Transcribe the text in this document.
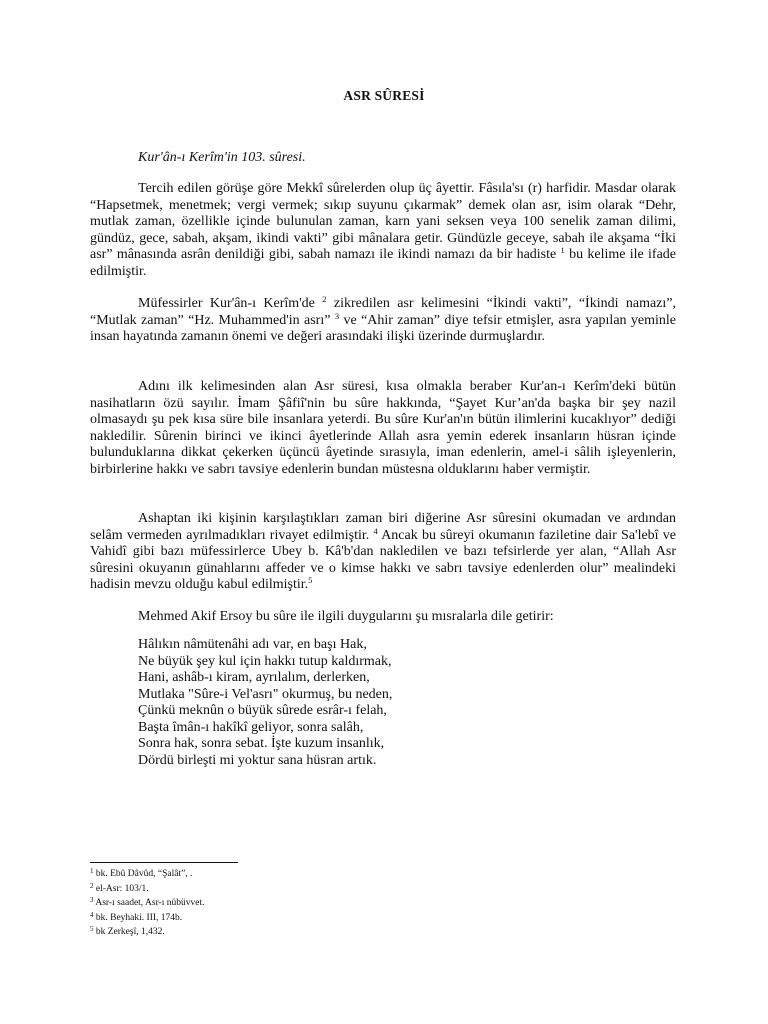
ASR SÛRESİ
Kur'ân-ı Kerîm'in 103. sûresi.

Tercih edilen görüşe göre Mekkî sûrelerden olup üç âyettir. Fâsıla'sı (r) harfidir. Masdar olarak “Hapsetmek, menetmek; vergi vermek; sıkıp suyunu çıkarmak” demek olan asr, isim olarak “Dehr, mutlak zaman, özellikle içinde bulunulan zaman, karn yani seksen veya 100 senelik zaman dilimi, gündüz, gece, sabah, akşam, ikindi vakti” gibi mânalara getir. Gündüzle geceye, sabah ile akşama “İki asr” mânasında asrân denildiği gibi, sabah namazı ile ikindi namazı da bir hadiste $^1$ bu kelime ile ifade edilmiştir.

Müfessirler Kur'ân-ı Kerîm'de $^2$ zikredilen asr kelimesini “İkindi vakti”, “İkindi namazı”, “Mutlak zaman” “Hz. Muhammed'in asrı” $^3$ ve “Ahir zaman” diye tefsir etmişler, asra yapılan yeminle insan hayatında zamanın önemi ve değeri arasındaki ilişki üzerinde durmuşlardır.

Adını ilk kelimesinden alan Asr süresi, kısa olmakla beraber Kur'an-ı Kerîm'deki bütün nasihatların özü sayılır. İmam Şâfiî'nin bu sûre hakkında, “Şayet Kur’an'da başka bir şey nazil olmasaydı şu pek kısa süre bile insanlara yeterdi. Bu sûre Kur'an'ın bütün ilimlerini kucaklıyor” dediği nakledilir. Sûrenin birinci ve ikinci âyetlerinde Allah asra yemin ederek insanların hüsran içinde bulunduklarına dikkat çekerken üçüncü âyetinde sırasıyla, iman edenlerin, amel-i sâlih işleyenlerin, birbirlerine hakkı ve sabrı tavsiye edenlerin bundan müstesna olduklarını haber vermiştir.

Ashaptan iki kişinin karşılaştıkları zaman biri diğerine Asr sûresini okumadan ve ardından selâm vermeden ayrılmadıkları rivayet edilmiştir. $^4$ Ancak bu sûreyi okumanın faziletine dair Sa'lebî ve Vahidî gibi bazı müfessirlerce Ubey b. Kâ'b'dan nakledilen ve bazı tefsirlerde yer alan, “Allah Asr sûresini okuyanın günahlarını affeder ve o kimse hakkı ve sabrı tavsiye edenlerden olur” mealindeki hadisin mevzu olduğu kabul edilmiştir.$^5$

Mehmed Akif Ersoy bu sûre ile ilgili duygularını şu mısralarla dile getirir:

Hâlıkın nâmütenâhi adı var, en başı Hak,
Ne büyük şey kul için hakkı tutup kaldırmak,
Hani, ashâb-ı kiram, ayrılalım, derlerken,
Mutlaka "Sûre-i Vel'asrı" okurmuş, bu neden,
Çünkü meknûn o büyük sûrede esrâr-ı felah,
Başta îmân-ı hakîkî geliyor, sonra salâh,
Sonra hak, sonra sebat. İşte kuzum insanlık,
Dördü birleşti mi yoktur sana hüsran artık.
$^1$ bk. Ebû Dâvûd, “Şalât”, .
$^2$ el-Asr: 103/1.
$^3$ Asr-ı saadet, Asr-ı nübüvvet.
$^4$ bk. Beyhaki. III, 174b.
$^5$ bk Zerkeşî, 1,432.
